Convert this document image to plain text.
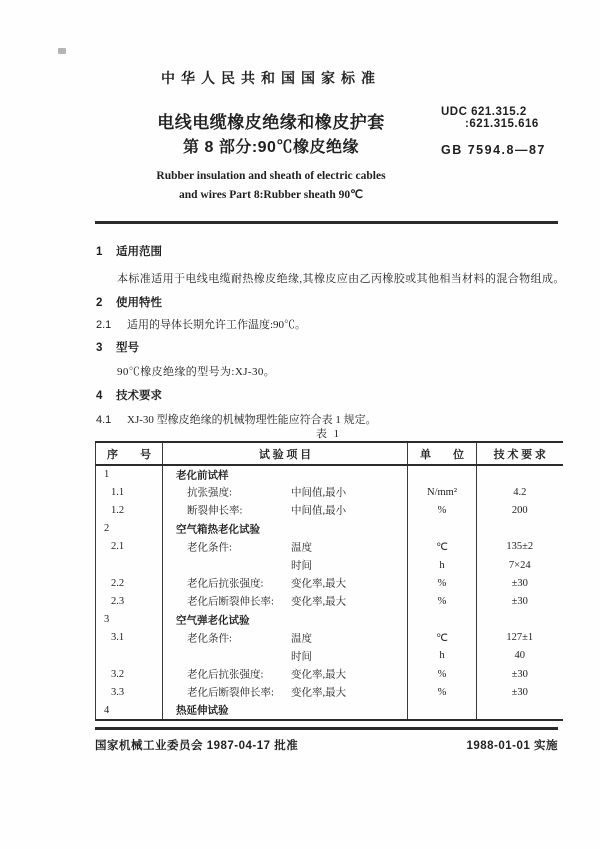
中华人民共和国国家标准
电线电缆橡皮绝缘和橡皮护套
第 8 部分:90℃橡皮绝缘
Rubber insulation and sheath of electric cables
and wires Part 8:Rubber sheath 90℃
UDC 621.315.2
:621.315.616
GB 7594.8—87
1 适用范围
本标准适用于电线电缆耐热橡皮绝缘,其橡皮应由乙丙橡胶或其他相当材料的混合物组成。
2 使用特性
2.1 适用的导体长期允许工作温度:90℃。
3 型号
90℃橡皮绝缘的型号为:XJ-30。
4 技术要求
4.1 XJ-30 型橡皮绝缘的机械物理性能应符合表 1 规定。
表 1
序　　号	试 验 项 目	单　　位	技 术 要 求
1	老化前试样		

1.1	抗张强度: 中间值,最小	N/mm²	4.2
1.2	断裂伸长率: 中间值,最小	%	200
2	空气箱热老化试验		

2.1	老化条件: 温度	℃	135±2

	时间	h	7×24
2.2	老化后抗张强度: 变化率,最大	%	±30
2.3	老化后断裂伸长率: 变化率,最大	%	±30
3	空气弹老化试验		

3.1	老化条件: 温度	℃	127±1

	时间	h	40
3.2	老化后抗张强度: 变化率,最大	%	±30
3.3	老化后断裂伸长率: 变化率,最大	%	±30
4	热延伸试验		

国家机械工业委员会 1987-04-17 批准	1988-01-01 实施
